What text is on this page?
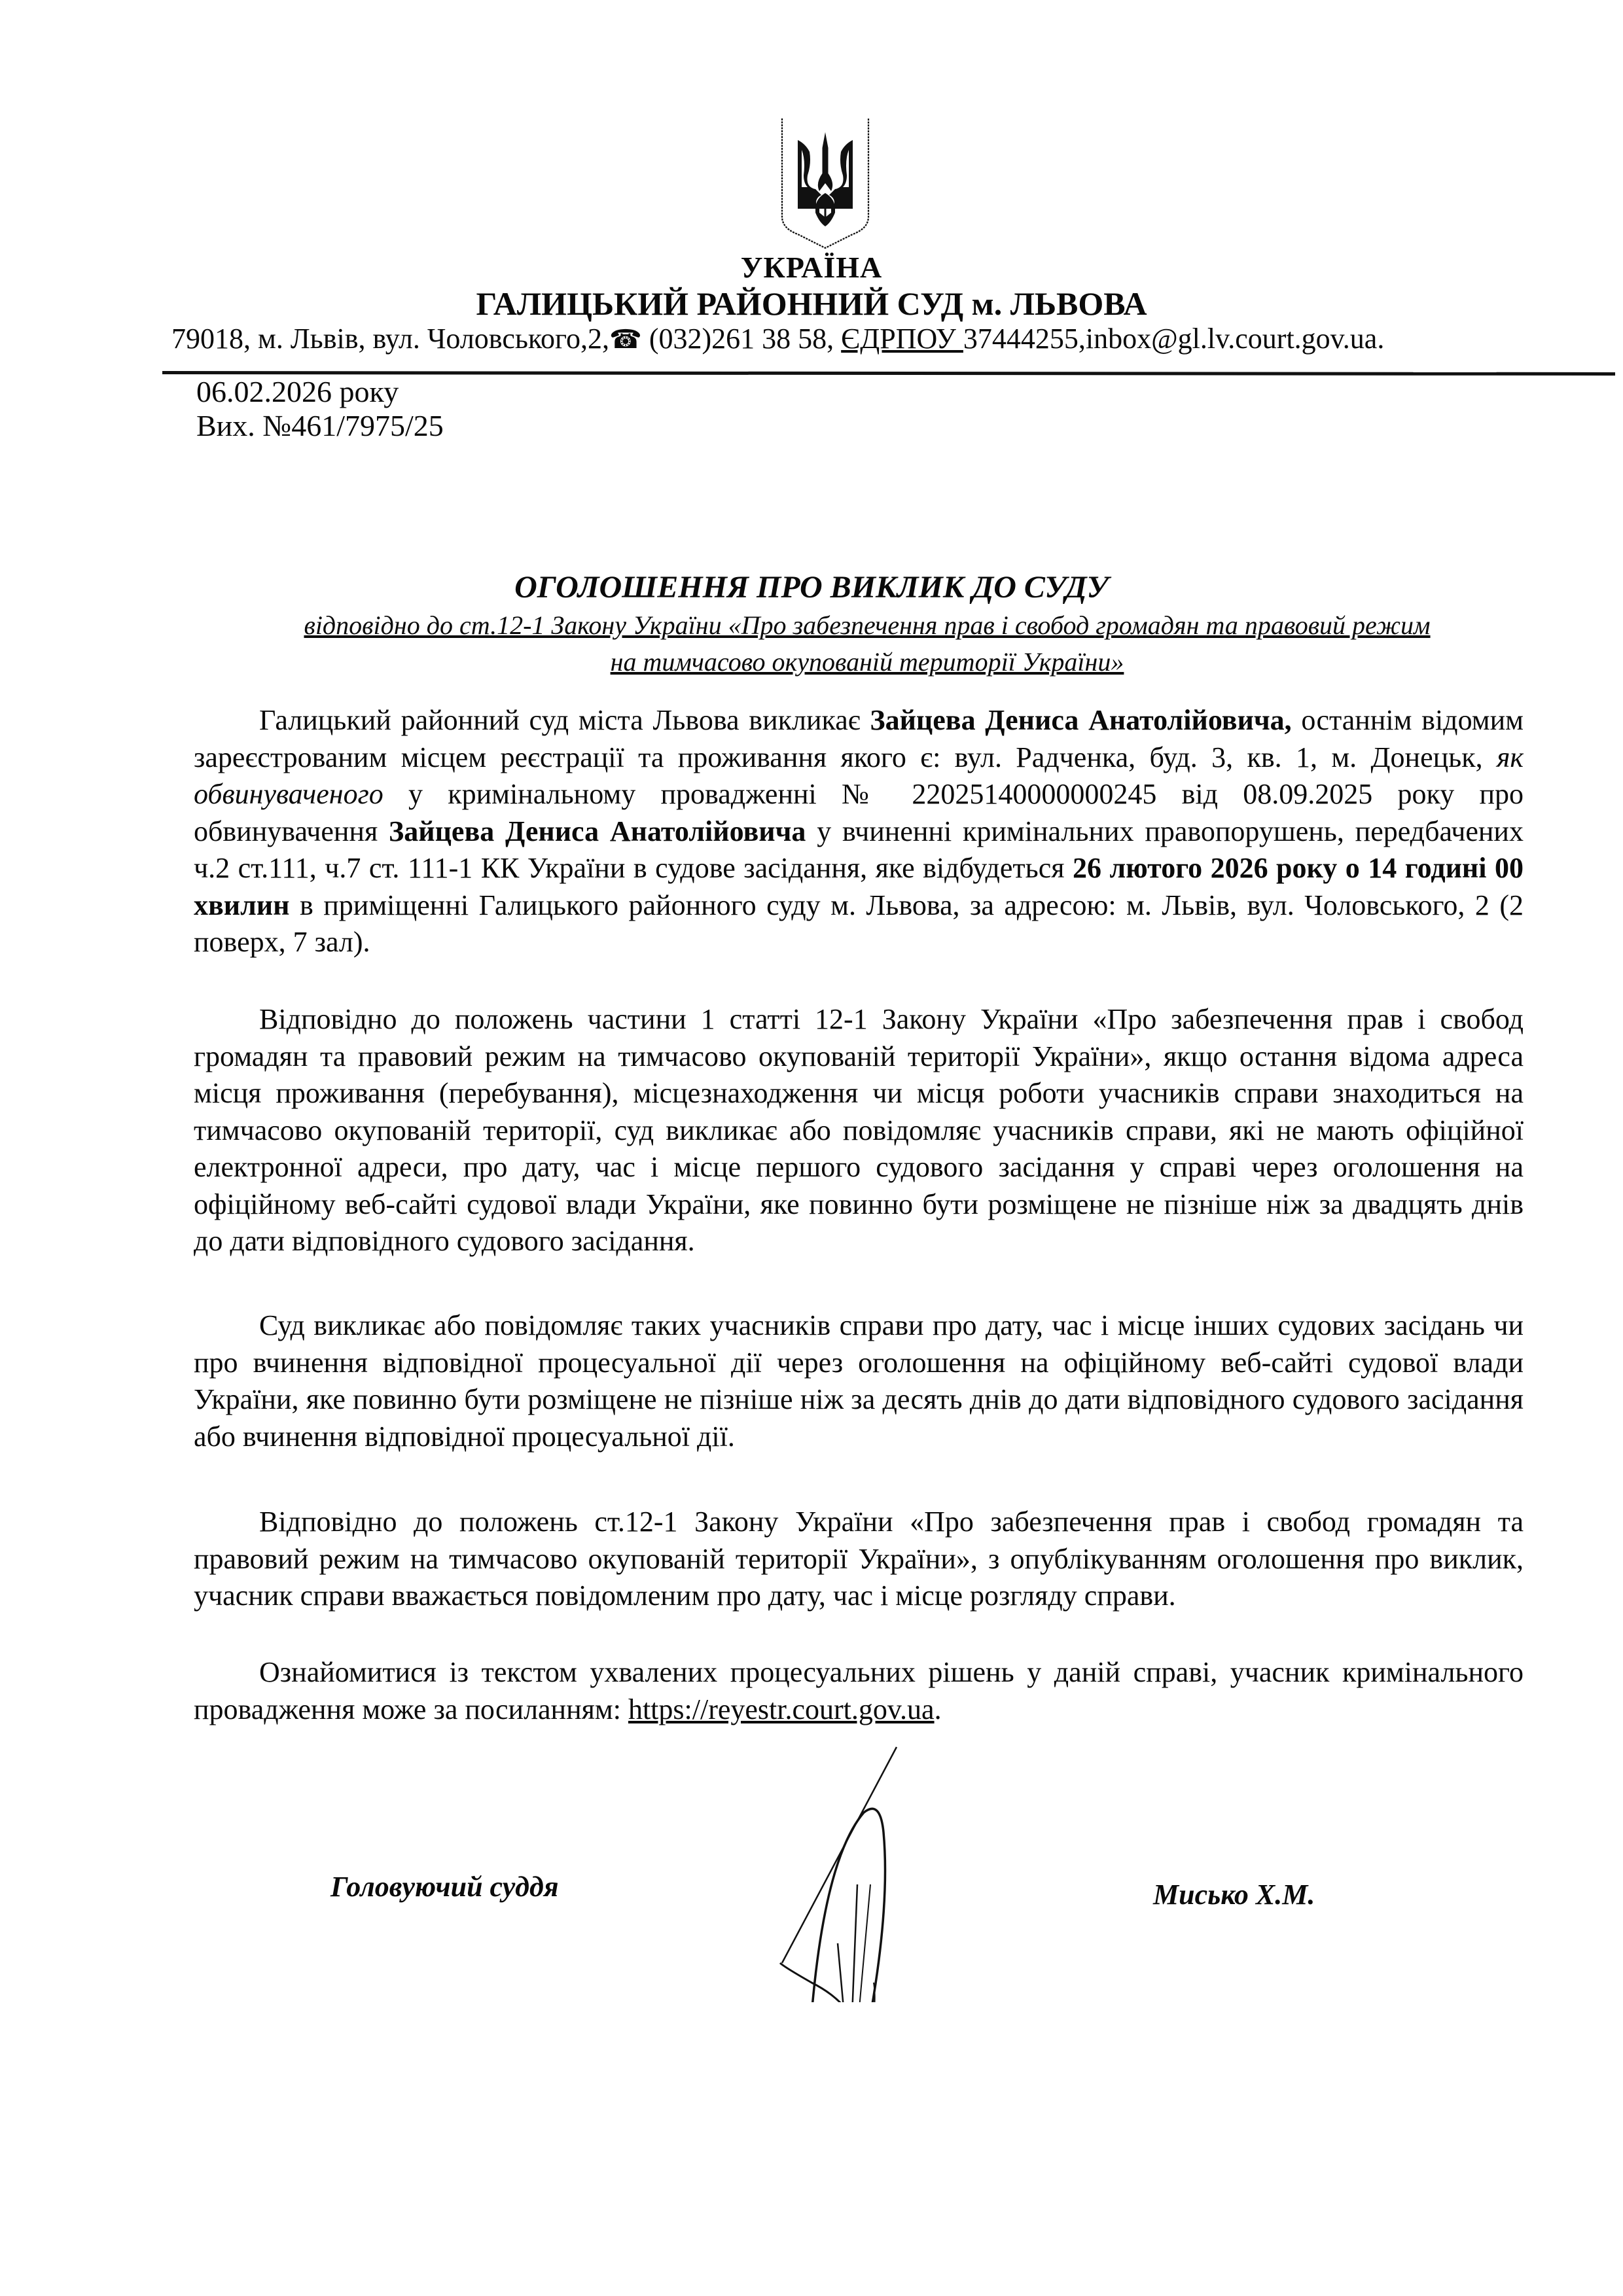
УКРАЇНА
ГАЛИЦЬКИЙ РАЙОННИЙ СУД м. ЛЬВОВА
79018, м. Львів, вул. Чоловського,2,☎ (032)261 38 58, ЄДРПОУ 37444255,inbox@gl.lv.court.gov.ua.
06.02.2026 року
Вих. №461/7975/25
ОГОЛОШЕННЯ ПРО ВИКЛИК ДО СУДУ
відповідно до ст.12-1 Закону України «Про забезпечення прав і свобод громадян та правовий режим
на тимчасово окупованій території України»

Галицький районний суд міста Львова викликає Зайцева Дениса Анатолійовича, останнім відомим зареєстрованим місцем реєстрації та проживання якого є: вул. Радченка, буд. 3, кв. 1, м. Донецьк, як обвинуваченого у кримінальному провадженні № 22025140000000245 від 08.09.2025 року про обвинувачення Зайцева Дениса Анатолійовича у вчиненні кримінальних правопорушень, передбачених ч.2 ст.111, ч.7 ст. 111-1 КК України в судове засідання, яке відбудеться 26 лютого 2026 року о 14 годині 00 хвилин в приміщенні Галицького районного суду м. Львова, за адресою: м. Львів, вул. Чоловського, 2 (2 поверх, 7 зал).

Відповідно до положень частини 1 статті 12-1 Закону України «Про забезпечення прав і свобод громадян та правовий режим на тимчасово окупованій території України», якщо остання відома адреса місця проживання (перебування), місцезнаходження чи місця роботи учасників справи знаходиться на тимчасово окупованій території, суд викликає або повідомляє учасників справи, які не мають офіційної електронної адреси, про дату, час і місце першого судового засідання у справі через оголошення на офіційному веб-сайті судової влади України, яке повинно бути розміщене не пізніше ніж за двадцять днів до дати відповідного судового засідання.

Суд викликає або повідомляє таких учасників справи про дату, час і місце інших судових засідань чи про вчинення відповідної процесуальної дії через оголошення на офіційному веб-сайті судової влади України, яке повинно бути розміщене не пізніше ніж за десять днів до дати відповідного судового засідання або вчинення відповідної процесуальної дії.

Відповідно до положень ст.12-1 Закону України «Про забезпечення прав і свобод громадян та правовий режим на тимчасово окупованій території України», з опублікуванням оголошення про виклик, учасник справи вважається повідомленим про дату, час і місце розгляду справи.

Ознайомитися із текстом ухвалених процесуальних рішень у даній справі, учасник кримінального провадження може за посиланням: https://reyestr.court.gov.ua.

Головуючий суддя	Мисько Х.М.
